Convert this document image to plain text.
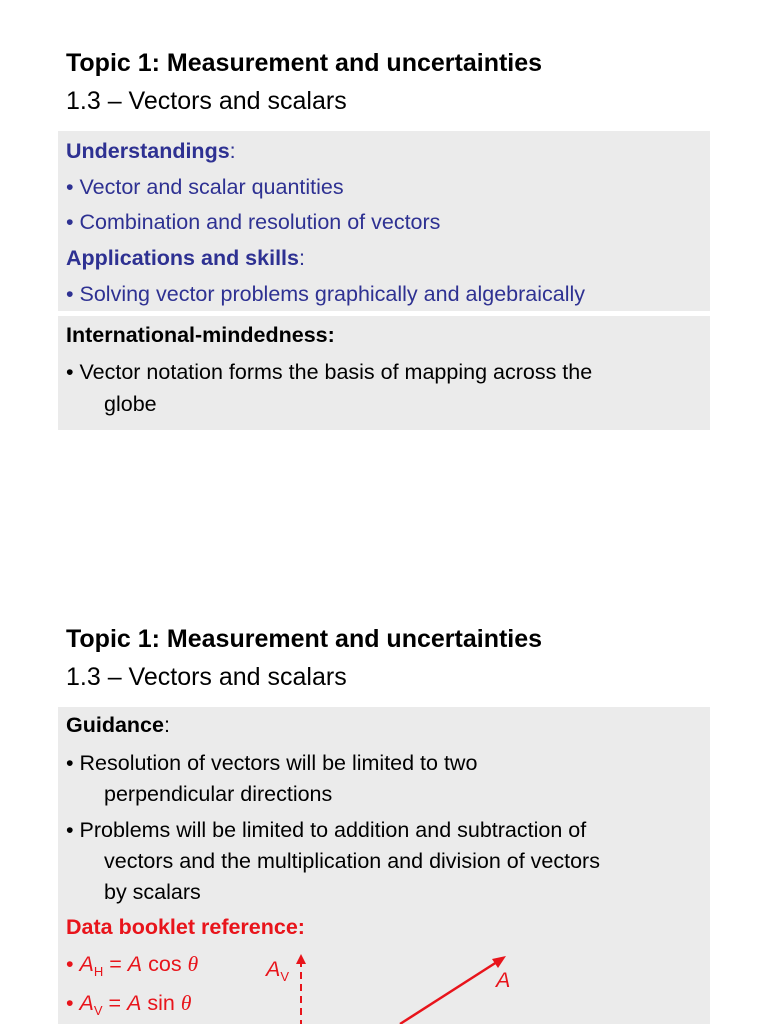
Topic 1: Measurement and uncertainties
1.3 – Vectors and scalars
Understandings:
• Vector and scalar quantities
• Combination and resolution of vectors
Applications and skills:
• Solving vector problems graphically and algebraically
International-mindedness:
• Vector notation forms the basis of mapping across the
globe
Topic 1: Measurement and uncertainties
1.3 – Vectors and scalars
Guidance:
• Resolution of vectors will be limited to two
perpendicular directions
• Problems will be limited to addition and subtraction of
vectors and the multiplication and division of vectors
by scalars
Data booklet reference:
• $A_H = A$ cos θ
• $A_V = A$ sin θ
$A_V$	A
